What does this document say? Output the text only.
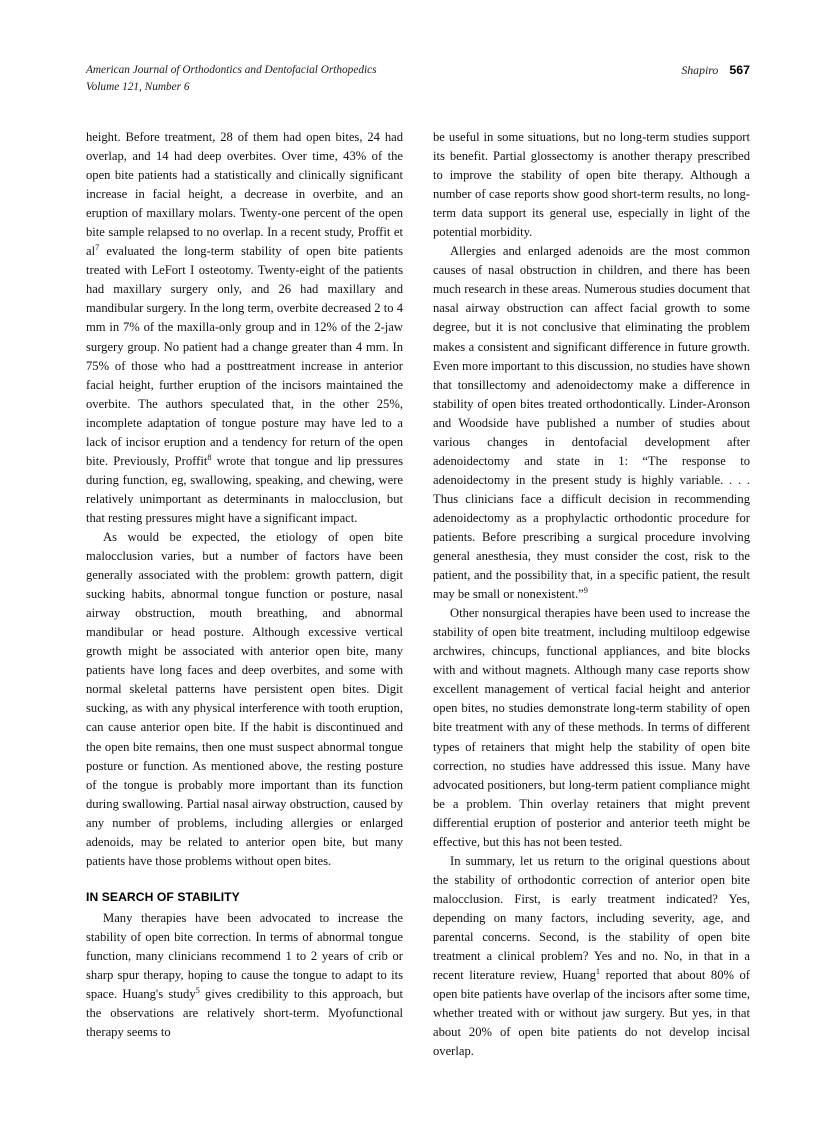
American Journal of Orthodontics and Dentofacial Orthopedics
Volume 121, Number 6
Shapiro 567

height. Before treatment, 28 of them had open bites, 24 had overlap, and 14 had deep overbites. Over time, 43% of the open bite patients had a statistically and clinically significant increase in facial height, a decrease in overbite, and an eruption of maxillary molars. Twenty-one percent of the open bite sample relapsed to no overlap. In a recent study, Proffit et $al^7$ evaluated the long-term stability of open bite patients treated with LeFort I osteotomy. Twenty-eight of the patients had maxillary surgery only, and 26 had maxillary and mandibular surgery. In the long term, overbite decreased 2 to 4 mm in 7% of the maxilla-only group and in 12% of the 2-jaw surgery group. No patient had a change greater than 4 mm. In 75% of those who had a posttreatment increase in anterior facial height, further eruption of the incisors maintained the overbite. The authors speculated that, in the other 25%, incomplete adaptation of tongue posture may have led to a lack of incisor eruption and a tendency for return of the open bite. Previously, Proffit$^8$ wrote that tongue and lip pressures during function, eg, swallowing, speaking, and chewing, were relatively unimportant as determinants in malocclusion, but that resting pressures might have a significant impact.

As would be expected, the etiology of open bite malocclusion varies, but a number of factors have been generally associated with the problem: growth pattern, digit sucking habits, abnormal tongue function or posture, nasal airway obstruction, mouth breathing, and abnormal mandibular or head posture. Although excessive vertical growth might be associated with anterior open bite, many patients have long faces and deep overbites, and some with normal skeletal patterns have persistent open bites. Digit sucking, as with any physical interference with tooth eruption, can cause anterior open bite. If the habit is discontinued and the open bite remains, then one must suspect abnormal tongue posture or function. As mentioned above, the resting posture of the tongue is probably more important than its function during swallowing. Partial nasal airway obstruction, caused by any number of problems, including allergies or enlarged adenoids, may be related to anterior open bite, but many patients have those problems without open bites.

IN SEARCH OF STABILITY

Many therapies have been advocated to increase the stability of open bite correction. In terms of abnormal tongue function, many clinicians recommend 1 to 2 years of crib or sharp spur therapy, hoping to cause the tongue to adapt to its space. Huang's study$^5$ gives credibility to this approach, but the observations are relatively short-term. Myofunctional therapy seems to

be useful in some situations, but no long-term studies support its benefit. Partial glossectomy is another therapy prescribed to improve the stability of open bite therapy. Although a number of case reports show good short-term results, no long-term data support its general use, especially in light of the potential morbidity.

Allergies and enlarged adenoids are the most common causes of nasal obstruction in children, and there has been much research in these areas. Numerous studies document that nasal airway obstruction can affect facial growth to some degree, but it is not conclusive that eliminating the problem makes a consistent and significant difference in future growth. Even more important to this discussion, no studies have shown that tonsillectomy and adenoidectomy make a difference in stability of open bites treated orthodontically. Linder-Aronson and Woodside have published a number of studies about various changes in dentofacial development after adenoidectomy and state in 1: “The response to adenoidectomy in the present study is highly variable. . . . Thus clinicians face a difficult decision in recommending adenoidectomy as a prophylactic orthodontic procedure for patients. Before prescribing a surgical procedure involving general anesthesia, they must consider the cost, risk to the patient, and the possibility that, in a specific patient, the result may be small or nonexistent.”$^9$

Other nonsurgical therapies have been used to increase the stability of open bite treatment, including multiloop edgewise archwires, chincups, functional appliances, and bite blocks with and without magnets. Although many case reports show excellent management of vertical facial height and anterior open bites, no studies demonstrate long-term stability of open bite treatment with any of these methods. In terms of different types of retainers that might help the stability of open bite correction, no studies have addressed this issue. Many have advocated positioners, but long-term patient compliance might be a problem. Thin overlay retainers that might prevent differential eruption of posterior and anterior teeth might be effective, but this has not been tested.

In summary, let us return to the original questions about the stability of orthodontic correction of anterior open bite malocclusion. First, is early treatment indicated? Yes, depending on many factors, including severity, age, and parental concerns. Second, is the stability of open bite treatment a clinical problem? Yes and no. No, in that in a recent literature review, Huang$^1$ reported that about 80% of open bite patients have overlap of the incisors after some time, whether treated with or without jaw surgery. But yes, in that about 20% of open bite patients do not develop incisal overlap.
